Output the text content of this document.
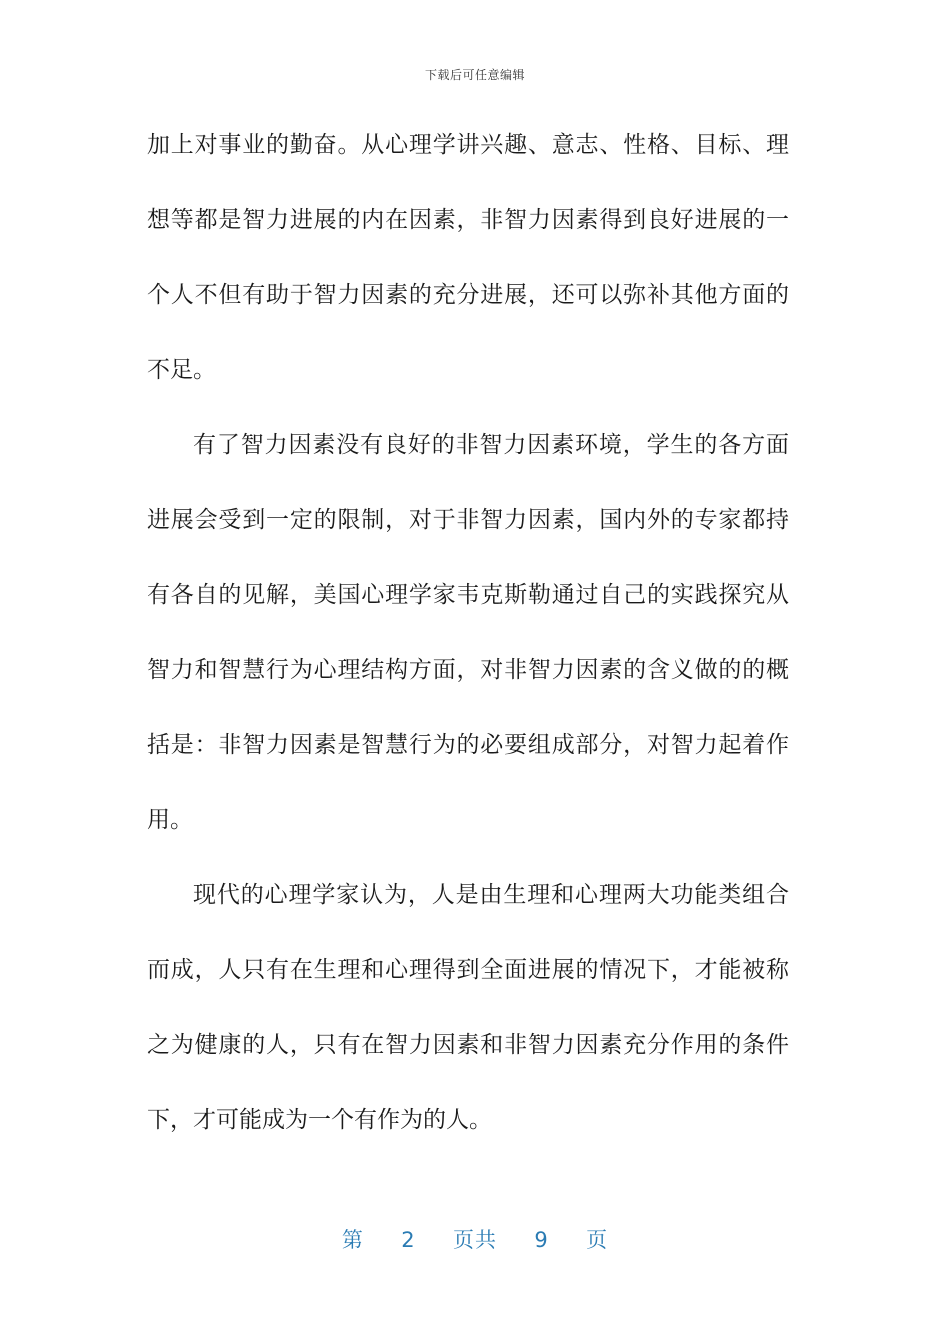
下载后可任意编辑
加上对事业的勤奋。从心理学讲兴趣、意志、性格、目标、理
想等都是智力进展的内在因素，非智力因素得到良好进展的一
个人不但有助于智力因素的充分进展，还可以弥补其他方面的
不足。
有了智力因素没有良好的非智力因素环境，学生的各方面
进展会受到一定的限制，对于非智力因素，国内外的专家都持
有各自的见解，美国心理学家韦克斯勒通过自己的实践探究从
智力和智慧行为心理结构方面，对非智力因素的含义做的的概
括是：非智力因素是智慧行为的必要组成部分，对智力起着作
用。
现代的心理学家认为，人是由生理和心理两大功能类组合
而成，人只有在生理和心理得到全面进展的情况下，才能被称
之为健康的人，只有在智力因素和非智力因素充分作用的条件
下，才可能成为一个有作为的人。
第 2 页共 9 页
